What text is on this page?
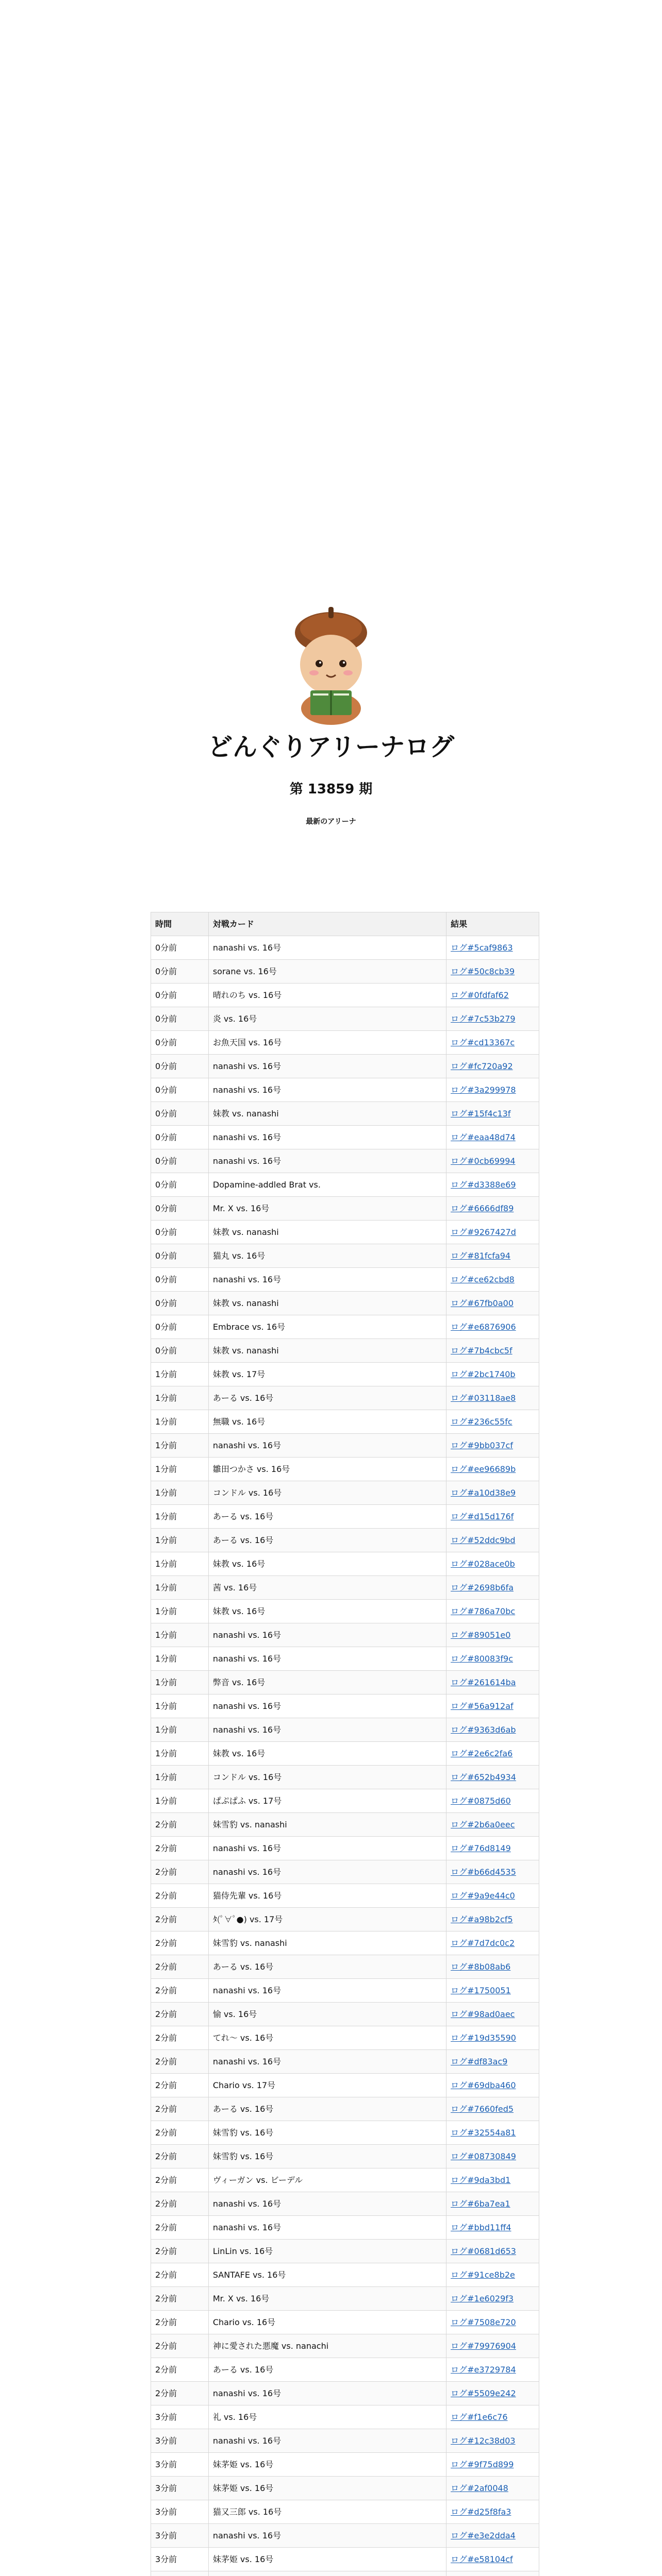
どんぐりアリーナログ
第 13859 期
最新のアリーナ
時間	対戦カード	結果
0分前	nanashi vs. 16号	ログ#5caf9863
0分前	sorane vs. 16号	ログ#50c8cb39
0分前	晴れのち vs. 16号	ログ#0fdfaf62
0分前	炎 vs. 16号	ログ#7c53b279
0分前	お魚天国 vs. 16号	ログ#cd13367c
0分前	nanashi vs. 16号	ログ#fc720a92
0分前	nanashi vs. 16号	ログ#3a299978
0分前	妹教 vs. nanashi	ログ#15f4c13f
0分前	nanashi vs. 16号	ログ#eaa48d74
0分前	nanashi vs. 16号	ログ#0cb69994
0分前	Dopamine-addled Brat vs.	ログ#d3388e69
0分前	Mr. X vs. 16号	ログ#6666df89
0分前	妹教 vs. nanashi	ログ#9267427d
0分前	猫丸 vs. 16号	ログ#81fcfa94
0分前	nanashi vs. 16号	ログ#ce62cbd8
0分前	妹教 vs. nanashi	ログ#67fb0a00
0分前	Embrace vs. 16号	ログ#e6876906
0分前	妹教 vs. nanashi	ログ#7b4cbc5f
1分前	妹教 vs. 17号	ログ#2bc1740b
1分前	あーる vs. 16号	ログ#03118ae8
1分前	無職 vs. 16号	ログ#236c55fc
1分前	nanashi vs. 16号	ログ#9bb037cf
1分前	雛田つかさ vs. 16号	ログ#ee96689b
1分前	コンドル vs. 16号	ログ#a10d38e9
1分前	あーる vs. 16号	ログ#d15d176f
1分前	あーる vs. 16号	ログ#52ddc9bd
1分前	妹教 vs. 16号	ログ#028ace0b
1分前	茜 vs. 16号	ログ#2698b6fa
1分前	妹教 vs. 16号	ログ#786a70bc
1分前	nanashi vs. 16号	ログ#89051e0
1分前	nanashi vs. 16号	ログ#80083f9c
1分前	弊音 vs. 16号	ログ#261614ba
1分前	nanashi vs. 16号	ログ#56a912af
1分前	nanashi vs. 16号	ログ#9363d6ab
1分前	妹教 vs. 16号	ログ#2e6c2fa6
1分前	コンドル vs. 16号	ログ#652b4934
1分前	ぱぷぱふ vs. 17号	ログ#0875d60
2分前	妹雪豹 vs. nanashi	ログ#2b6a0eec
2分前	nanashi vs. 16号	ログ#76d8149
2分前	nanashi vs. 16号	ログ#b66d4535
2分前	猫侍先輩 vs. 16号	ログ#9a9e44c0
2分前	ﾀ(ﾟ∀ﾟ●) vs. 17号	ログ#a98b2cf5
2分前	妹雪豹 vs. nanashi	ログ#7d7dc0c2
2分前	あーる vs. 16号	ログ#8b08ab6
2分前	nanashi vs. 16号	ログ#1750051
2分前	愉 vs. 16号	ログ#98ad0aec
2分前	てれ〜 vs. 16号	ログ#19d35590
2分前	nanashi vs. 16号	ログ#df83ac9
2分前	Chario vs. 17号	ログ#69dba460
2分前	あーる vs. 16号	ログ#7660fed5
2分前	妹雪豹 vs. 16号	ログ#32554a81
2分前	妹雪豹 vs. 16号	ログ#08730849
2分前	ヴィーガン vs. ビーデル	ログ#9da3bd1
2分前	nanashi vs. 16号	ログ#6ba7ea1
2分前	nanashi vs. 16号	ログ#bbd11ff4
2分前	LinLin vs. 16号	ログ#0681d653
2分前	SANTAFE vs. 16号	ログ#91ce8b2e
2分前	Mr. X vs. 16号	ログ#1e6029f3
2分前	Chario vs. 16号	ログ#7508e720
2分前	神に愛された悪魔 vs. nanachi	ログ#79976904
2分前	あーる vs. 16号	ログ#e3729784
2分前	nanashi vs. 16号	ログ#5509e242
3分前	礼 vs. 16号	ログ#f1e6c76
3分前	nanashi vs. 16号	ログ#12c38d03
3分前	妹茅姫 vs. 16号	ログ#9f75d899
3分前	妹茅姫 vs. 16号	ログ#2af0048
3分前	猫又三郎 vs. 16号	ログ#d25f8fa3
3分前	nanashi vs. 16号	ログ#e3e2dda4
3分前	妹茅姫 vs. 16号	ログ#e58104cf
